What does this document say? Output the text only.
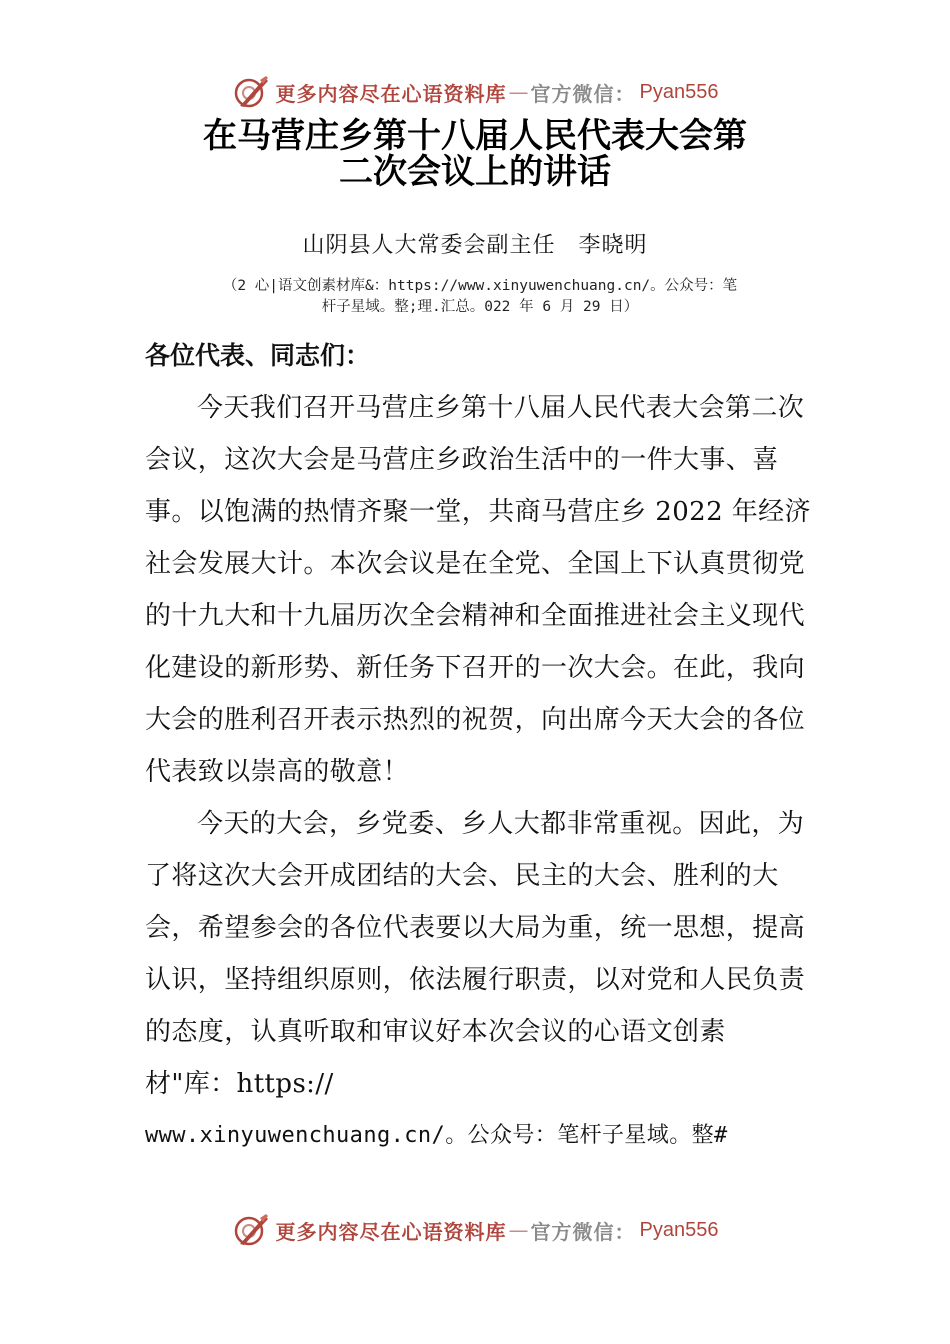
更多内容尽在心语资料库 — 官方微信： Pyan556
在马营庄乡第十八届人民代表大会第
二次会议上的讲话
山阴县人大常委会副主任　李晓明
（2 心|语文创素材库&：https://www.xinyuwenchuang.cn/。公众号：笔
杆子星域。整;理.汇总。022 年 6 月 29 日）
各位代表、同志们：

今天我们召开马营庄乡第十八届人民代表大会第二次会议，这次大会是马营庄乡政治生活中的一件大事、喜事。以饱满的热情齐聚一堂，共商马营庄乡 2022 年经济社会发展大计。本次会议是在全党、全国上下认真贯彻党的十九大和十九届历次全会精神和全面推进社会主义现代化建设的新形势、新任务下召开的一次大会。在此，我向大会的胜利召开表示热烈的祝贺，向出席今天大会的各位代表致以崇高的敬意！

今天的大会，乡党委、乡人大都非常重视。因此，为了将这次大会开成团结的大会、民主的大会、胜利的大会，希望参会的各位代表要以大局为重，统一思想，提高认识，坚持组织原则，依法履行职责，以对党和人民负责的态度，认真听取和审议好本次会议的心语文创素材"库：https://

www.xinyuwenchuang.cn/。公众号：笔杆子星域。整#
更多内容尽在心语资料库 — 官方微信： Pyan556
